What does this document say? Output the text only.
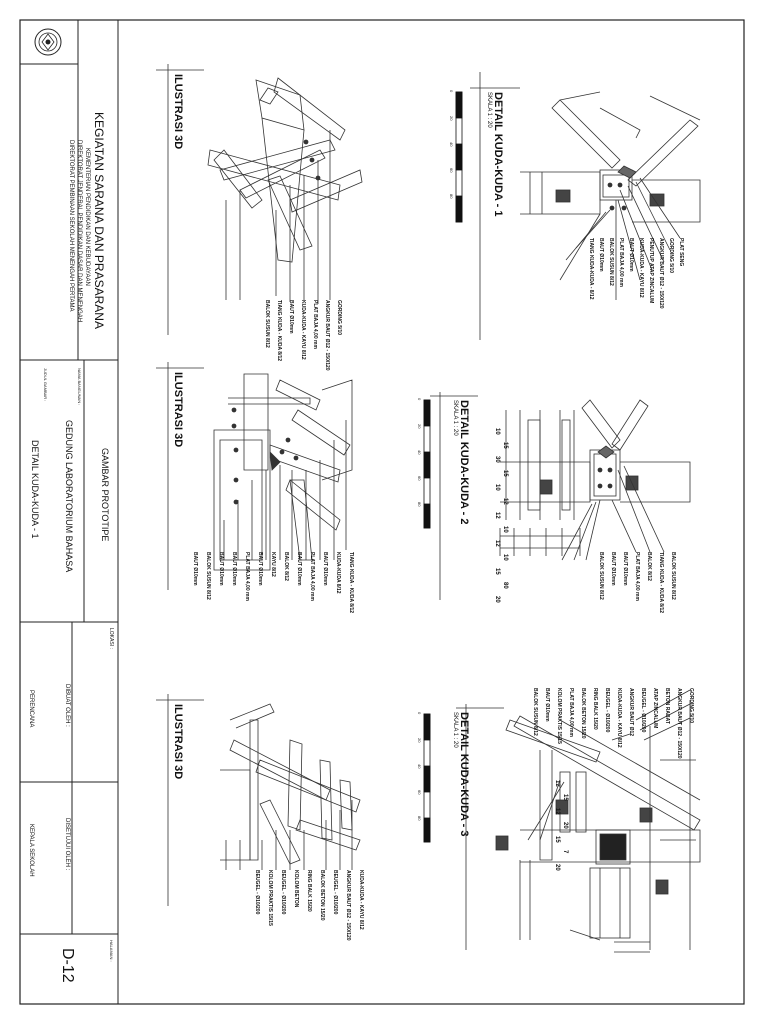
KEGIATAN SARANA DAN PRASARANA
KEMENTERIAN PENDIDIKAN DAN KEBUDAYAAN
DIREKTORAT JENDERAL PENDIDIKAN DASAR DAN MENENGAH
DIREKTORAT PEMBINAAN SEKOLAH MENENGAH PERTAMA
GAMBAR PROTOTIPE
NAMA BANGUNAN :
GEDUNG LABORATORIUM BAHASA
JUDUL GAMBAR :
DETAIL KUDA-KUDA - 1
LOKASI :
DIBUAT OLEH :
PERENCANA
DISETUJUI OLEH :
KEPALA SEKOLAH
HALAMAN :
D-12
ILUSTRASI 3D	DETAIL KUDA-KUDA - 1
SKALA 1 : 20
ILUSTRASI 3D	DETAIL KUDA-KUDA - 2
SKALA 1 : 20
ILUSTRASI 3D	DETAIL KUDA-KUDA - 3
SKALA 1 : 20
0
20
40
60
80
0
20
40
60
80
0
20
40
60
80
GORDING 5/10
ANGKUR BAUT Ø12 - 150/120
PLAT BAJA 4,00 mm
KUDA-KUDA - KAYU 8/12
BAUT Ø10mm
TIANG KUDA - KUDA 8/12
BALOK SUSUN 8/12
PLAT SENG
GORDING 5/10
ANGKUR BAUT Ø12 - 150/120
PENUTUP ATAP ZINCALUM
KUDA-KUDA - KAYU 8/12
BAUT Ø10mm
PLAT BAJA 4,00 mm
BALOK SUSUN 8/12
BAUT Ø10mm
TIANG KUDA-KUDA - 8/12
TIANG KUDA - KUDA 8/12
KUDA-KUDA 8/12
BAUT Ø10mm
PLAT BAJA 4,00 mm
BAUT Ø10mm
BALOK 8/12
KAYU 8/12
BAUT Ø10mm
PLAT BAJA 4,00 mm
BAUT Ø10mm
BAUT Ø10mm
BALOK SUSUN 8/12
BAUT Ø10mm	BALOK SUSUN 8/12
TIANG KUDA - KUDA 8/12
BALOK 8/12
PLAT BAJA 4,00 mm
BAUT Ø10mm
BAUT Ø10mm
BALOK SUSUN 8/12
KUDA-KUDA - KAYU 8/12
ANGKUR BAUT Ø12 - 150/120
BEUGEL - Ø10/200
BALOK BETON 15/20
RING BALK 15/20
KOLOM BETON
BEUGEL - Ø10/200
KOLOM PRAKTIS 15/15
BEUGEL - Ø10/200
GORDING 5/10
ANGKUR BAUT Ø12 - 150/120
BETON RABAT
ATAP ZINCALUM
BEUGEL - Ø10/200
ANGKUR BAUT Ø12
KUDA-KUDA - KAYU 8/12
BEUGEL - Ø10/200
RING BALK 15/20
BALOK BETON 15/20
PLAT BAJA 4,00 mm
KOLOM PRAKTIS 15/15
BAUT Ø10mm
BALOK SUSUN 8/12
10
15
30
15
10
12
12
10
12
10
15
80
20
12
15
12
20
15
7
20
